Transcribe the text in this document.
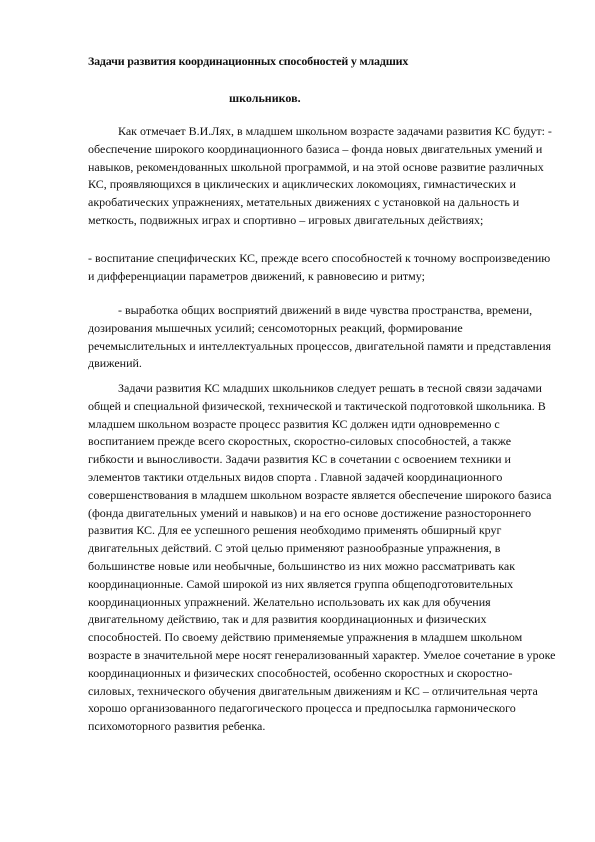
Задачи развития координационных способностей у младших
школьников.

Как отмечает В.И.Лях, в младшем школьном возрасте задачами развития КС будут: - обеспечение широкого координационного базиса – фонда новых двигательных умений и навыков, рекомендованных школьной программой, и на этой основе развитие различных КС, проявляющихся в циклических и ациклических локомоциях, гимнастических и акробатических упражнениях, метательных движениях с установкой на дальность и меткость, подвижных играх и спортивно – игровых двигательных действиях;

- воспитание специфических КС, прежде всего способностей к точному воспроизведению и дифференциации параметров движений, к равновесию и ритму;

- выработка общих восприятий движений в виде чувства пространства, времени, дозирования мышечных усилий; сенсомоторных реакций, формирование речемыслительных и интеллектуальных процессов, двигательной памяти и представления движений.

Задачи развития КС младших школьников следует решать в тесной связи задачами общей и специальной физической, технической и тактической подготовкой школьника. В младшем школьном возрасте процесс развития КС должен идти одновременно с воспитанием прежде всего скоростных, скоростно-силовых способностей, а также гибкости и выносливости. Задачи развития КС в сочетании с освоением техники и элементов тактики отдельных видов спорта . Главной задачей координационного совершенствования в младшем школьном возрасте является обеспечение широкого базиса (фонда двигательных умений и навыков) и на его основе достижение разностороннего развития КС. Для ее успешного решения необходимо применять обширный круг двигательных действий. С этой целью применяют разнообразные упражнения, в большинстве новые или необычные, большинство из них можно рассматривать как координационные. Самой широкой из них является группа общеподготовительных координационных упражнений. Желательно использовать их как для обучения двигательному действию, так и для развития координационных и физических способностей. По своему действию применяемые упражнения в младшем школьном возрасте в значительной мере носят генерализованный характер. Умелое сочетание в уроке координационных и физических способностей, особенно скоростных и скоростно-силовых, технического обучения двигательным движениям и КС – отличительная черта хорошо организованного педагогического процесса и предпосылка гармонического психомоторного развития ребенка.
